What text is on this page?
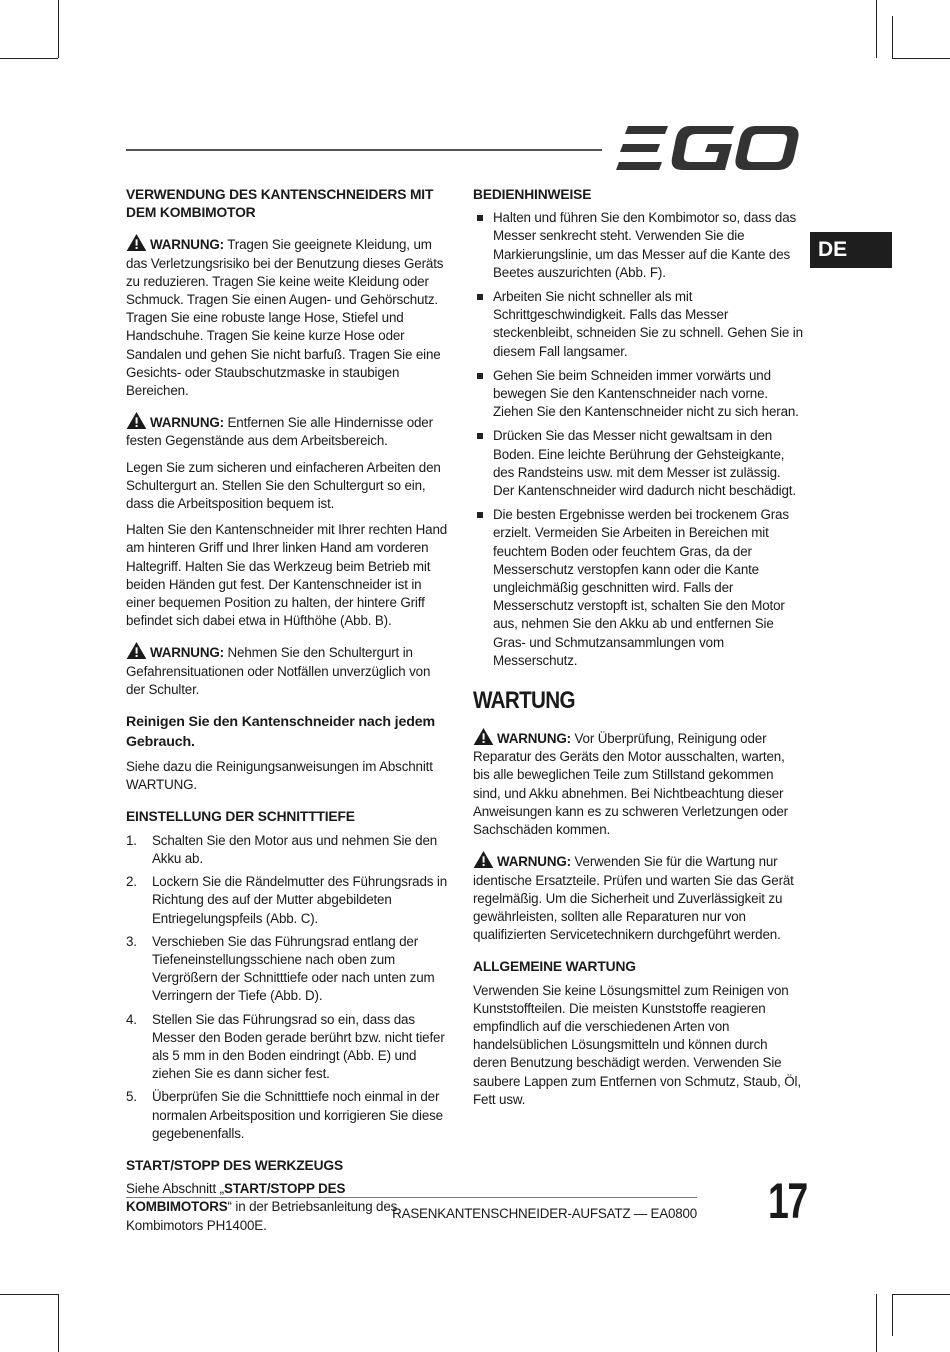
DE
VERWENDUNG DES KANTENSCHNEIDERS MIT DEM KOMBIMOTOR

WARNUNG: Tragen Sie geeignete Kleidung, um das Verletzungsrisiko bei der Benutzung dieses Geräts zu reduzieren. Tragen Sie keine weite Kleidung oder Schmuck. Tragen Sie einen Augen- und Gehörschutz. Tragen Sie eine robuste lange Hose, Stiefel und Handschuhe. Tragen Sie keine kurze Hose oder Sandalen und gehen Sie nicht barfuß. Tragen Sie eine Gesichts- oder Staubschutzmaske in staubigen Bereichen.

WARNUNG: Entfernen Sie alle Hindernisse oder festen Gegenstände aus dem Arbeitsbereich.

Legen Sie zum sicheren und einfacheren Arbeiten den Schultergurt an. Stellen Sie den Schultergurt so ein, dass die Arbeitsposition bequem ist.

Halten Sie den Kantenschneider mit Ihrer rechten Hand am hinteren Griff und Ihrer linken Hand am vorderen Haltegriff. Halten Sie das Werkzeug beim Betrieb mit beiden Händen gut fest. Der Kantenschneider ist in einer bequemen Position zu halten, der hintere Griff befindet sich dabei etwa in Hüfthöhe (Abb. B).

WARNUNG: Nehmen Sie den Schultergurt in Gefahrensituationen oder Notfällen unverzüglich von der Schulter.

Reinigen Sie den Kantenschneider nach jedem Gebrauch.

Siehe dazu die Reinigungsanweisungen im Abschnitt WARTUNG.

EINSTELLUNG DER SCHNITTTIEFE
1.	Schalten Sie den Motor aus und nehmen Sie den Akku ab.
2.	Lockern Sie die Rändelmutter des Führungsrads in Richtung des auf der Mutter abgebildeten Entriegelungspfeils (Abb. C).
3.	Verschieben Sie das Führungsrad entlang der Tiefeneinstellungsschiene nach oben zum Vergrößern der Schnitttiefe oder nach unten zum Verringern der Tiefe (Abb. D).
4.	Stellen Sie das Führungsrad so ein, dass das Messer den Boden gerade berührt bzw. nicht tiefer als 5 mm in den Boden eindringt (Abb. E) und ziehen Sie es dann sicher fest.
5.	Überprüfen Sie die Schnitttiefe noch einmal in der normalen Arbeitsposition und korrigieren Sie diese gegebenenfalls.
START/STOPP DES WERKZEUGS

Siehe Abschnitt „START/STOPP DES KOMBIMOTORS“ in der Betriebsanleitung des Kombimotors PH1400E.

BEDIENHINWEISE
Halten und führen Sie den Kombimotor so, dass das Messer senkrecht steht. Verwenden Sie die Markierungslinie, um das Messer auf die Kante des Beetes auszurichten (Abb. F).
Arbeiten Sie nicht schneller als mit Schrittgeschwindigkeit. Falls das Messer steckenbleibt, schneiden Sie zu schnell. Gehen Sie in diesem Fall langsamer.
Gehen Sie beim Schneiden immer vorwärts und bewegen Sie den Kantenschneider nach vorne. Ziehen Sie den Kantenschneider nicht zu sich heran.
Drücken Sie das Messer nicht gewaltsam in den Boden. Eine leichte Berührung der Gehsteigkante, des Randsteins usw. mit dem Messer ist zulässig. Der Kantenschneider wird dadurch nicht beschädigt.
Die besten Ergebnisse werden bei trockenem Gras erzielt. Vermeiden Sie Arbeiten in Bereichen mit feuchtem Boden oder feuchtem Gras, da der Messerschutz verstopfen kann oder die Kante ungleichmäßig geschnitten wird. Falls der Messerschutz verstopft ist, schalten Sie den Motor aus, nehmen Sie den Akku ab und entfernen Sie Gras- und Schmutzansammlungen vom Messerschutz.
WARTUNG

WARNUNG: Vor Überprüfung, Reinigung oder Reparatur des Geräts den Motor ausschalten, warten, bis alle beweglichen Teile zum Stillstand gekommen sind, und Akku abnehmen. Bei Nichtbeachtung dieser Anweisungen kann es zu schweren Verletzungen oder Sachschäden kommen.

WARNUNG: Verwenden Sie für die Wartung nur identische Ersatzteile. Prüfen und warten Sie das Gerät regelmäßig. Um die Sicherheit und Zuverlässigkeit zu gewährleisten, sollten alle Reparaturen nur von qualifizierten Servicetechnikern durchgeführt werden.

ALLGEMEINE WARTUNG

Verwenden Sie keine Lösungsmittel zum Reinigen von Kunststoffteilen. Die meisten Kunststoffe reagieren empfindlich auf die verschiedenen Arten von handelsüblichen Lösungsmitteln und können durch deren Benutzung beschädigt werden. Verwenden Sie saubere Lappen zum Entfernen von Schmutz, Staub, Öl, Fett usw.

RASENKANTENSCHNEIDER-AUFSATZ — EA0800 17
